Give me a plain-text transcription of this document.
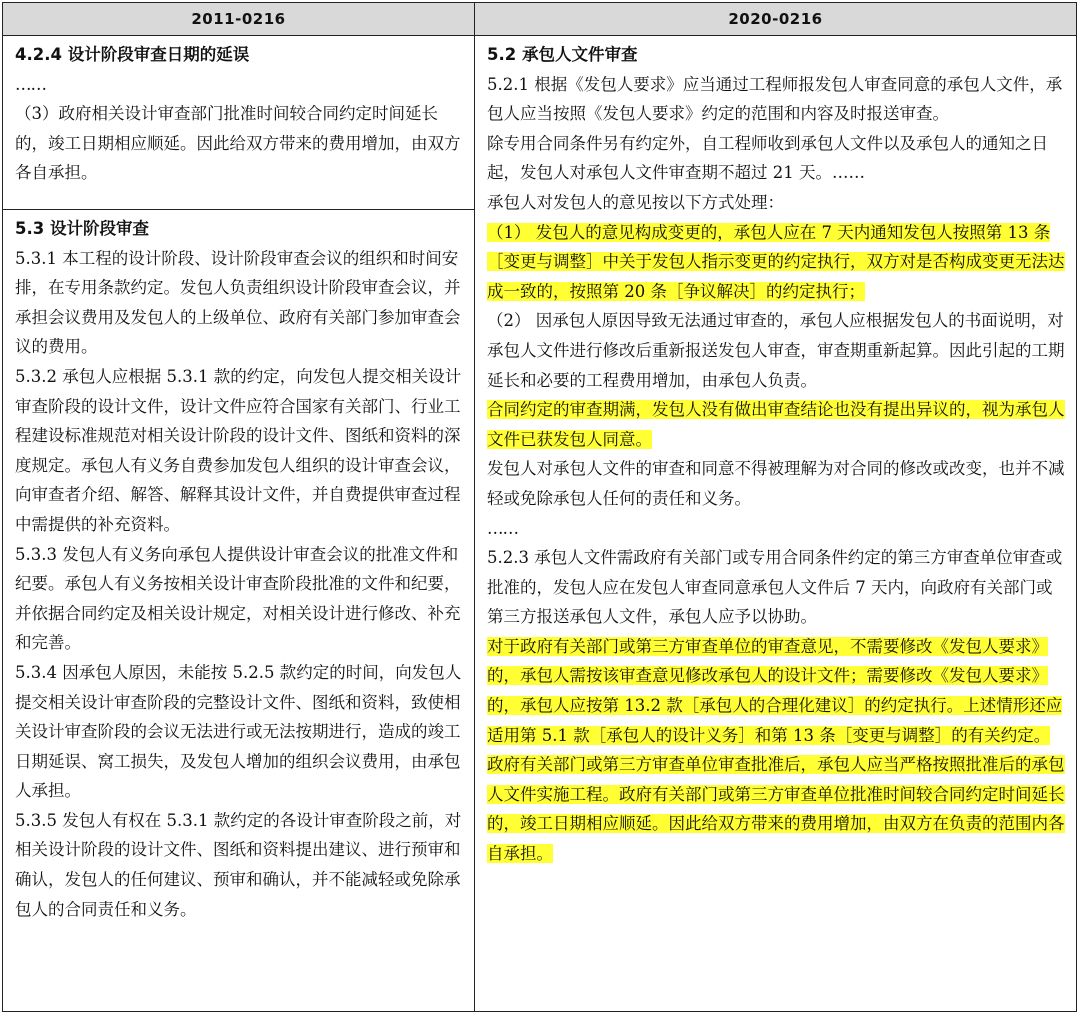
2011-0216
4.2.4 设计阶段审查日期的延误
……
（3）政府相关设计审查部门批准时间较合同约定时间延长的，竣工日期相应顺延。因此给双方带来的费用增加，由双方各自承担。
5.3 设计阶段审查
5.3.1 本工程的设计阶段、设计阶段审查会议的组织和时间安排，在专用条款约定。发包人负责组织设计阶段审查会议，并承担会议费用及发包人的上级单位、政府有关部门参加审查会议的费用。
5.3.2 承包人应根据 5.3.1 款的约定，向发包人提交相关设计审查阶段的设计文件，设计文件应符合国家有关部门、行业工程建设标准规范对相关设计阶段的设计文件、图纸和资料的深度规定。承包人有义务自费参加发包人组织的设计审查会议，向审查者介绍、解答、解释其设计文件，并自费提供审查过程中需提供的补充资料。
5.3.3 发包人有义务向承包人提供设计审查会议的批准文件和纪要。承包人有义务按相关设计审查阶段批准的文件和纪要，并依据合同约定及相关设计规定，对相关设计进行修改、补充和完善。
5.3.4 因承包人原因，未能按 5.2.5 款约定的时间，向发包人提交相关设计审查阶段的完整设计文件、图纸和资料，致使相关设计审查阶段的会议无法进行或无法按期进行，造成的竣工日期延误、窝工损失，及发包人增加的组织会议费用，由承包人承担。
5.3.5 发包人有权在 5.3.1 款约定的各设计审查阶段之前，对相关设计阶段的设计文件、图纸和资料提出建议、进行预审和确认，发包人的任何建议、预审和确认，并不能减轻或免除承包人的合同责任和义务。
2020-0216
5.2 承包人文件审查
5.2.1 根据《发包人要求》应当通过工程师报发包人审查同意的承包人文件，承包人应当按照《发包人要求》约定的范围和内容及时报送审查。
除专用合同条件另有约定外，自工程师收到承包人文件以及承包人的通知之日起，发包人对承包人文件审查期不超过 21 天。……
承包人对发包人的意见按以下方式处理：
（1） 发包人的意见构成变更的，承包人应在 7 天内通知发包人按照第 13 条［变更与调整］中关于发包人指示变更的约定执行，双方对是否构成变更无法达成一致的，按照第 20 条［争议解决］的约定执行；
（2） 因承包人原因导致无法通过审查的，承包人应根据发包人的书面说明，对承包人文件进行修改后重新报送发包人审查，审查期重新起算。因此引起的工期延长和必要的工程费用增加，由承包人负责。
合同约定的审查期满，发包人没有做出审查结论也没有提出异议的，视为承包人文件已获发包人同意。
发包人对承包人文件的审查和同意不得被理解为对合同的修改或改变，也并不减轻或免除承包人任何的责任和义务。
……
5.2.3 承包人文件需政府有关部门或专用合同条件约定的第三方审查单位审查或批准的，发包人应在发包人审查同意承包人文件后 7 天内，向政府有关部门或第三方报送承包人文件，承包人应予以协助。
对于政府有关部门或第三方审查单位的审查意见，不需要修改《发包人要求》的，承包人需按该审查意见修改承包人的设计文件；需要修改《发包人要求》的，承包人应按第 13.2 款［承包人的合理化建议］的约定执行。上述情形还应适用第 5.1 款［承包人的设计义务］和第 13 条［变更与调整］的有关约定。
政府有关部门或第三方审查单位审查批准后，承包人应当严格按照批准后的承包人文件实施工程。政府有关部门或第三方审查单位批准时间较合同约定时间延长的，竣工日期相应顺延。因此给双方带来的费用增加，由双方在负责的范围内各自承担。
